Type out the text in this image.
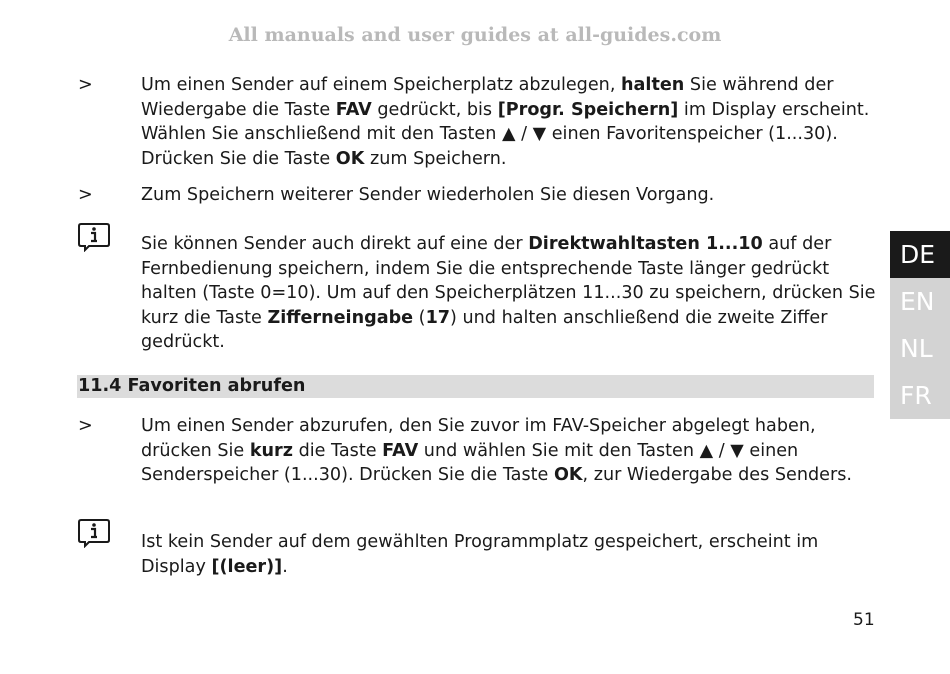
All manuals and user guides at all-guides.com
>	Um einen Sender auf einem Speicherplatz abzulegen, halten Sie während der Wiedergabe die Taste FAV gedrückt, bis [Progr. Speichern] im Display erscheint. Wählen Sie anschließend mit den Tasten ▲ / ▼ einen Favoritenspeicher (1...30). Drücken Sie die Taste OK zum Speichern.
>	Zum Speichern weiterer Sender wiederholen Sie diesen Vorgang.
Sie können Sender auch direkt auf eine der Direktwahltasten 1...10 auf der Fernbedienung speichern, indem Sie die entsprechende Taste länger gedrückt halten (Taste 0=10). Um auf den Speicherplätzen 11...30 zu speichern, drücken Sie kurz die Taste Zifferneingabe (17) und halten anschließend die zweite Ziffer gedrückt.
11.4 Favoriten abrufen
>	Um einen Sender abzurufen, den Sie zuvor im FAV-Speicher abgelegt haben, drücken Sie kurz die Taste FAV und wählen Sie mit den Tasten ▲ / ▼ einen Senderspeicher (1...30). Drücken Sie die Taste OK, zur Wiedergabe des Senders.
Ist kein Sender auf dem gewählten Programmplatz gespeichert, erscheint im Display [(leer)].
DE
EN
NL
FR
51
